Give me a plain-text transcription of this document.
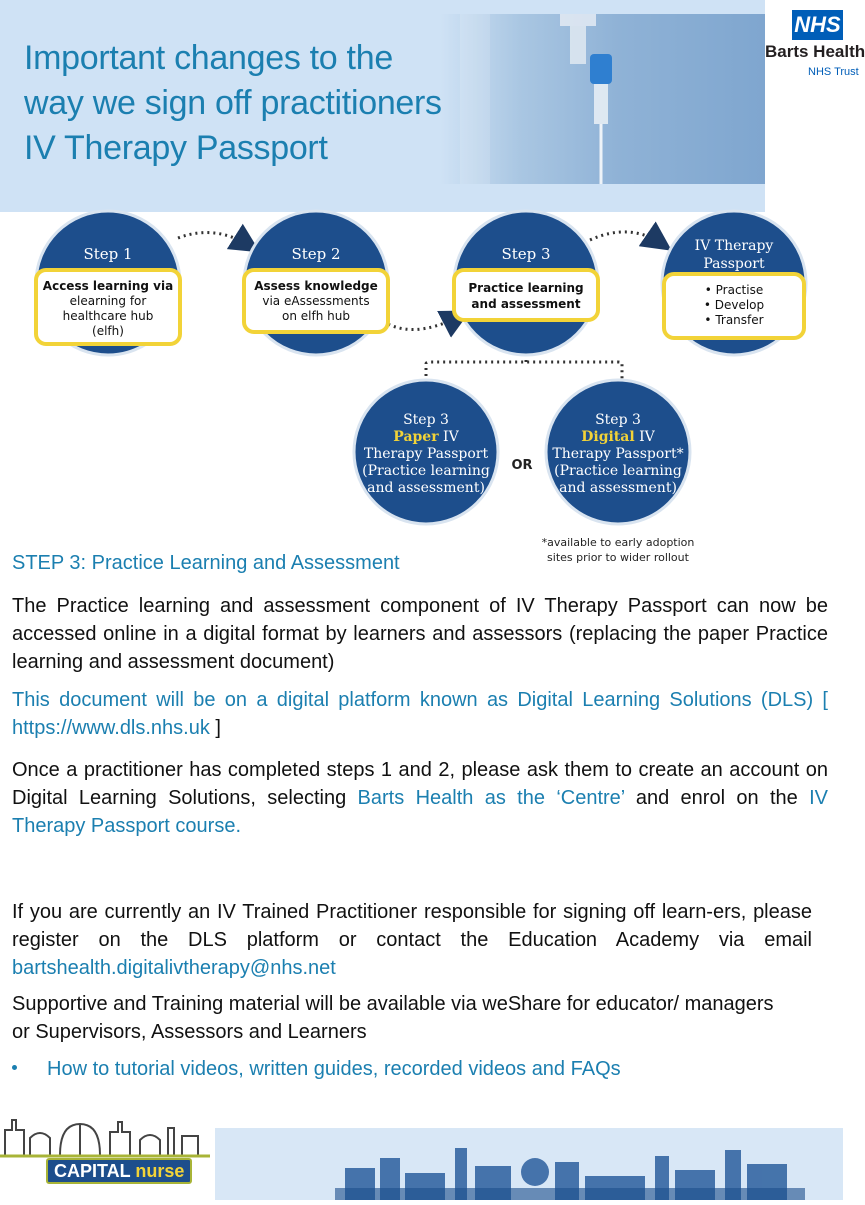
Important changes to the
way we sign off practitioners
IV Therapy Passport
NHS
Barts Health
NHS Trust
Step 1
Access learning via
elearning for
healthcare hub
(elfh)
Step 2
Assess knowledge
via eAssessments
on elfh hub
Step 3
Practice learning
and assessment
IV Therapy
Passport
• Practise
• Develop
• Transfer
Step 3
Paper IV
Therapy Passport
(Practice learning
and assessment)
OR
Step 3
Digital IV
Therapy Passport*
(Practice learning
and assessment)
*available to early adoption
sites prior to wider rollout
STEP 3: Practice Learning and Assessment
The Practice learning and assessment component of IV Therapy Passport can now be accessed online in a digital format by learners and assessors (replacing the paper Practice learning and assessment document)
This document will be on a digital platform known as Digital Learning Solutions (DLS) [ https://www.dls.nhs.uk ]
Once a practitioner has completed steps 1 and 2, please ask them to create an account on Digital Learning Solutions, selecting Barts Health as the ‘Centre’ and enrol on the IV Therapy Passport course.
If you are currently an IV Trained Practitioner responsible for signing off learn-ers, please register on the DLS platform or contact the Education Academy via email bartshealth.digitalivtherapy@nhs.net
Supportive and Training material will be available via weShare for educator/ managers or Supervisors, Assessors and Learners
How to tutorial videos, written guides, recorded videos and FAQs
CAPITAL nurse
